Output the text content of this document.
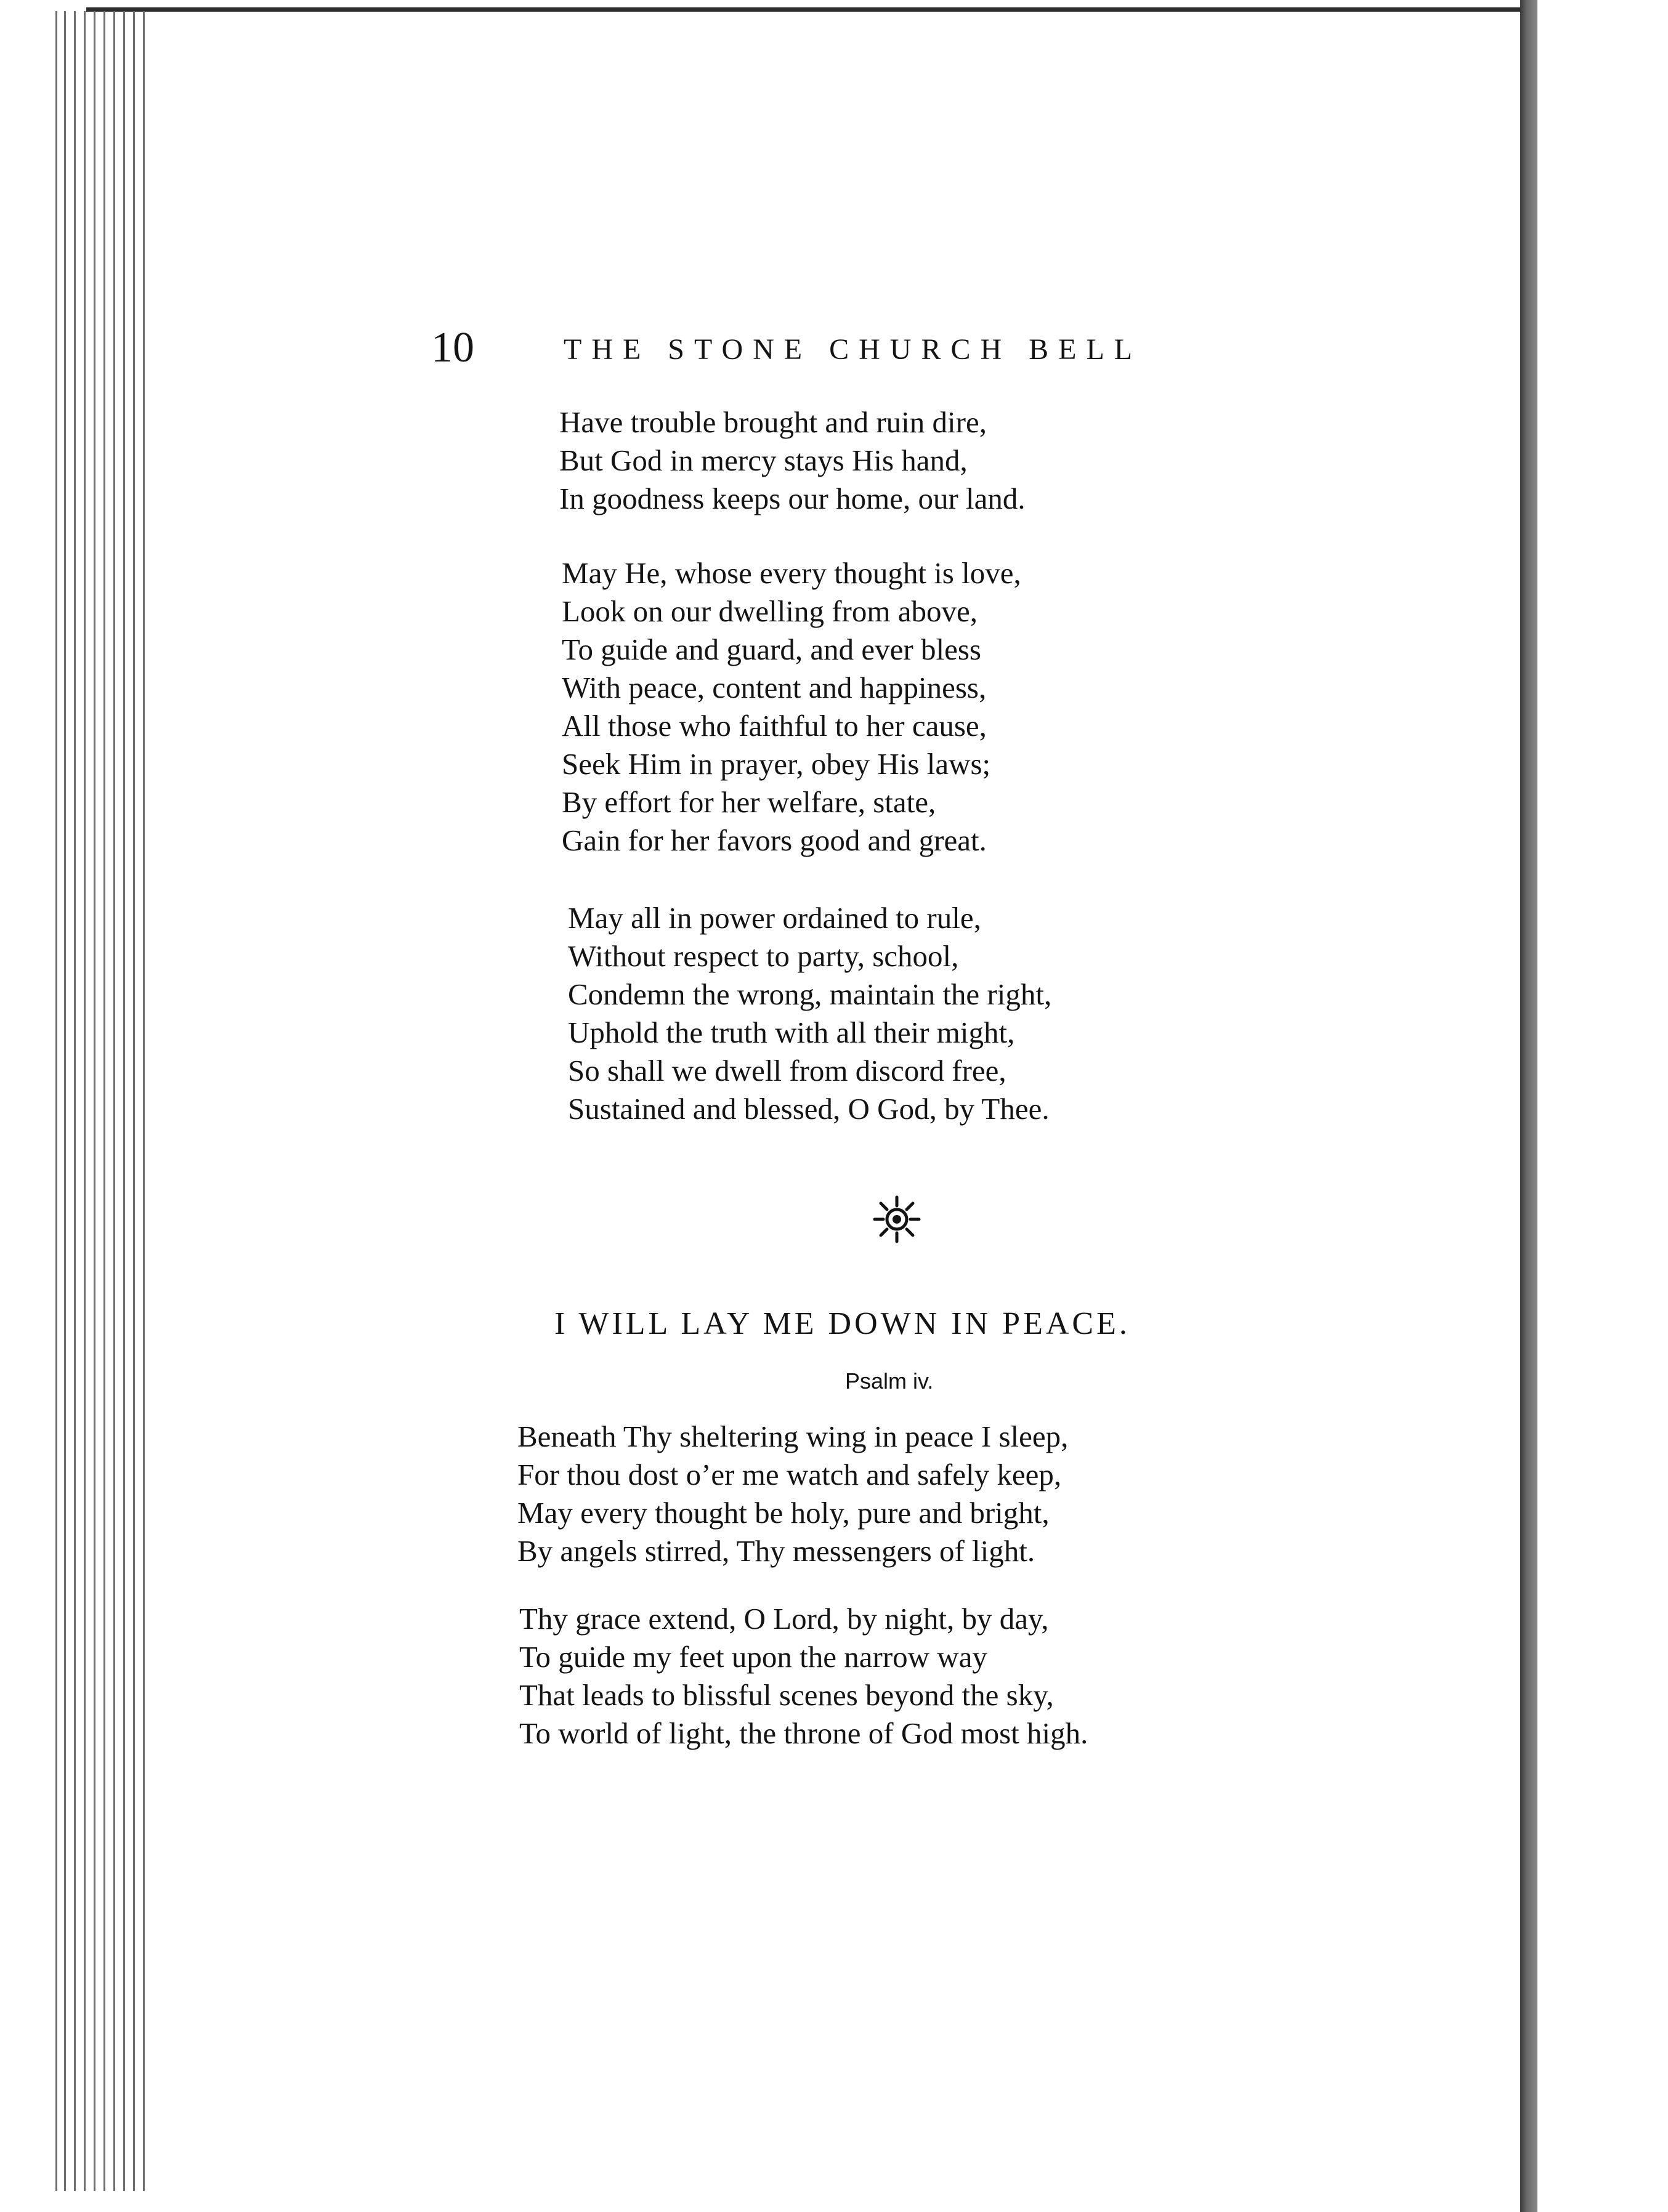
10	THE STONE CHURCH BELL
Have trouble brought and ruin dire,
But God in mercy stays His hand,
In goodness keeps our home, our land.
May He, whose every thought is love,
Look on our dwelling from above,
To guide and guard, and ever bless
With peace, content and happiness,
All those who faithful to her cause,
Seek Him in prayer, obey His laws;
By effort for her welfare, state,
Gain for her favors good and great.
May all in power ordained to rule,
Without respect to party, school,
Condemn the wrong, maintain the right,
Uphold the truth with all their might,
So shall we dwell from discord free,
Sustained and blessed, O God, by Thee.
I WILL LAY ME DOWN IN PEACE.
Psalm iv.
Beneath Thy sheltering wing in peace I sleep,
For thou dost o’er me watch and safely keep,
May every thought be holy, pure and bright,
By angels stirred, Thy messengers of light.
Thy grace extend, O Lord, by night, by day,
To guide my feet upon the narrow way
That leads to blissful scenes beyond the sky,
To world of light, the throne of God most high.
